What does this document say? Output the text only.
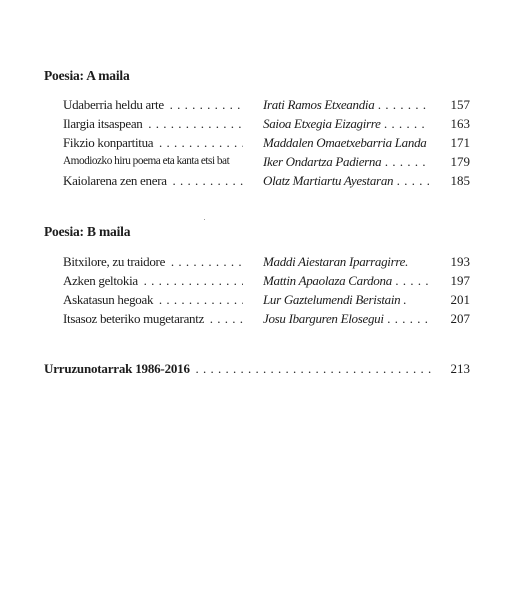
Poesia: A maila
Udaberria heldu arte . . .	Irati Ramos Etxeandia . . .	157
Ilargia itsaspean . . .	Saioa Etxegia Eizagirre . . .	163
Fikzio konpartitua . . .	Maddalen Omaetxebarria Landa	171
Amodiozko hiru poema eta kanta etsi bat	Iker Ondartza Padierna . . .	179
Kaiolarena zen enera . . .	Olatz Martiartu Ayestaran . . .	185
Poesia: B maila
Bitxilore, zu traidore . . .	Maddi Aiestaran Iparragirre.	193
Azken geltokia . . .	Mattin Apaolaza Cardona . . .	197
Askatasun hegoak . . .	Lur Gaztelumendi Beristain .	201
Itsasoz beteriko mugetarantz . . .	Josu Ibarguren Elosegui . . .	207
Urruzunotarrak 1986-2016 . . .	213
